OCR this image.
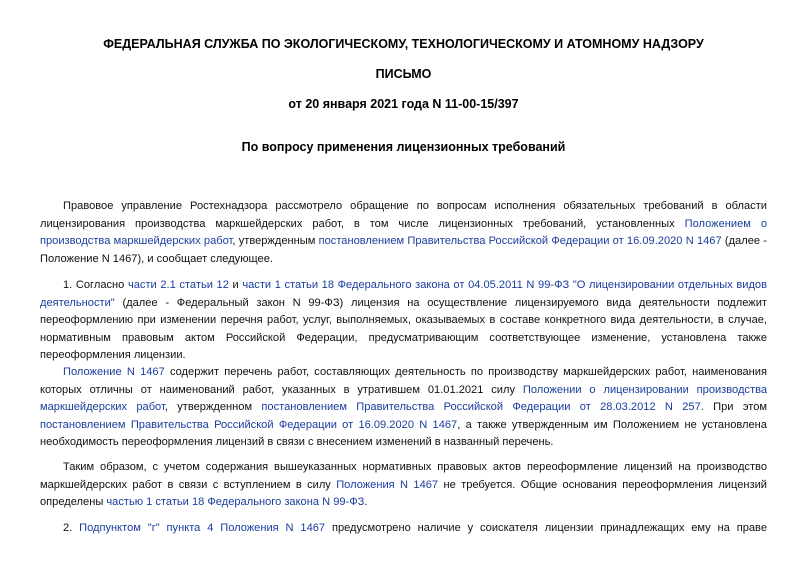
ФЕДЕРАЛЬНАЯ СЛУЖБА ПО ЭКОЛОГИЧЕСКОМУ, ТЕХНОЛОГИЧЕСКОМУ И АТОМНОМУ НАДЗОРУ
ПИСЬМО
от 20 января 2021 года N 11-00-15/397
По вопросу применения лицензионных требований
Правовое управление Ростехнадзора рассмотрело обращение по вопросам исполнения обязательных требований в области
лицензирования производства маркшейдерских работ, в том числе лицензионных требований, установленных Положением о
производства маркшейдерских работ, утвержденным постановлением Правительства Российской Федерации от 16.09.2020 N 1467 (далее -
Положение N 1467), и сообщает следующее.
1. Согласно части 2.1 статьи 12 и части 1 статьи 18 Федерального закона от 04.05.2011 N 99-ФЗ "О лицензировании отдельных видов
деятельности" (далее - Федеральный закон N 99-ФЗ) лицензия на осуществление лицензируемого вида деятельности подлежит
переоформлению при изменении перечня работ, услуг, выполняемых, оказываемых в составе конкретного вида деятельности, в случае,
нормативным правовым актом Российской Федерации, предусматривающим соответствующее изменение, установлена также
переоформления лицензии.
Положение N 1467 содержит перечень работ, составляющих деятельность по производству маркшейдерских работ, наименования
которых отличны от наименований работ, указанных в утратившем 01.01.2021 силу Положении о лицензировании производства
маркшейдерских работ, утвержденном постановлением Правительства Российской Федерации от 28.03.2012 N 257. При этом
постановлением Правительства Российской Федерации от 16.09.2020 N 1467, а также утвержденным им Положением не установлена
необходимость переоформления лицензий в связи с внесением изменений в названный перечень.
Таким образом, с учетом содержания вышеуказанных нормативных правовых актов переоформление лицензий на производство
маркшейдерских работ в связи с вступлением в силу Положения N 1467 не требуется. Общие основания переоформления лицензий
определены частью 1 статьи 18 Федерального закона N 99-ФЗ.
2. Подпунктом "г" пункта 4 Положения N 1467 предусмотрено наличие у соискателя лицензии принадлежащих ему на праве
